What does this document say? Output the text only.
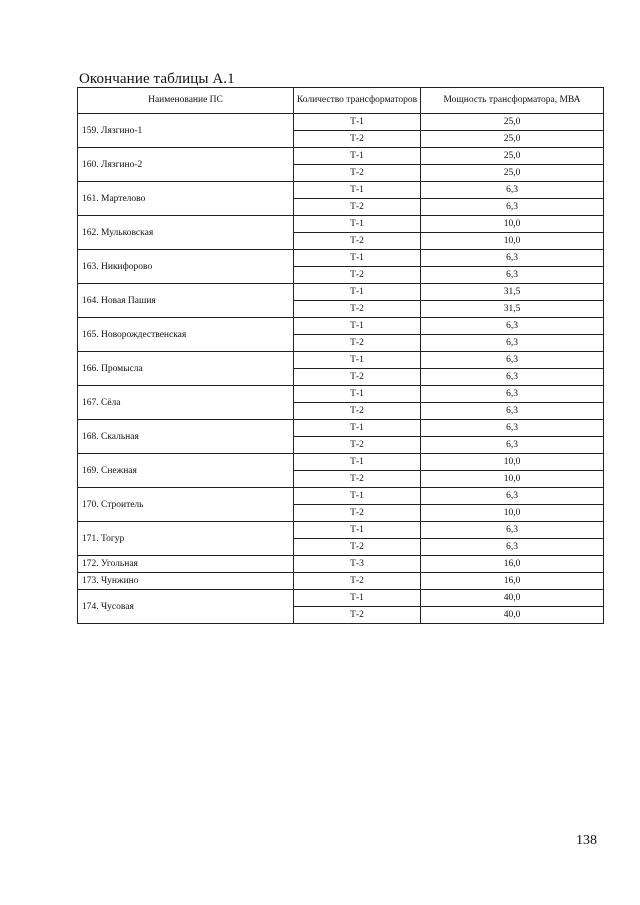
Окончание таблицы А.1
Наименование ПС	Количество трансформаторов	Мощность трансформатора, МВА
159. Лязгино-1	Т-1	25,0
	Т-2	25,0
160. Лязгино-2	Т-1	25,0
	Т-2	25,0
161. Мартелово	Т-1	6,3
	Т-2	6,3
162. Мульковская	Т-1	10,0
	Т-2	10,0
163. Никифорово	Т-1	6,3
	Т-2	6,3
164. Новая Пашия	Т-1	31,5
	Т-2	31,5
165. Новорождественская	Т-1	6,3
	Т-2	6,3
166. Промысла	Т-1	6,3
	Т-2	6,3
167. Сёла	Т-1	6,3
	Т-2	6,3
168. Скальная	Т-1	6,3
	Т-2	6,3
169. Снежная	Т-1	10,0
	Т-2	10,0
170. Строитель	Т-1	6,3
	Т-2	10,0
171. Тогур	Т-1	6,3
	Т-2	6,3
172. Угольная	Т-3	16,0
173. Чунжино	Т-2	16,0
174. Чусовая	Т-1	40,0
	Т-2	40,0
138
